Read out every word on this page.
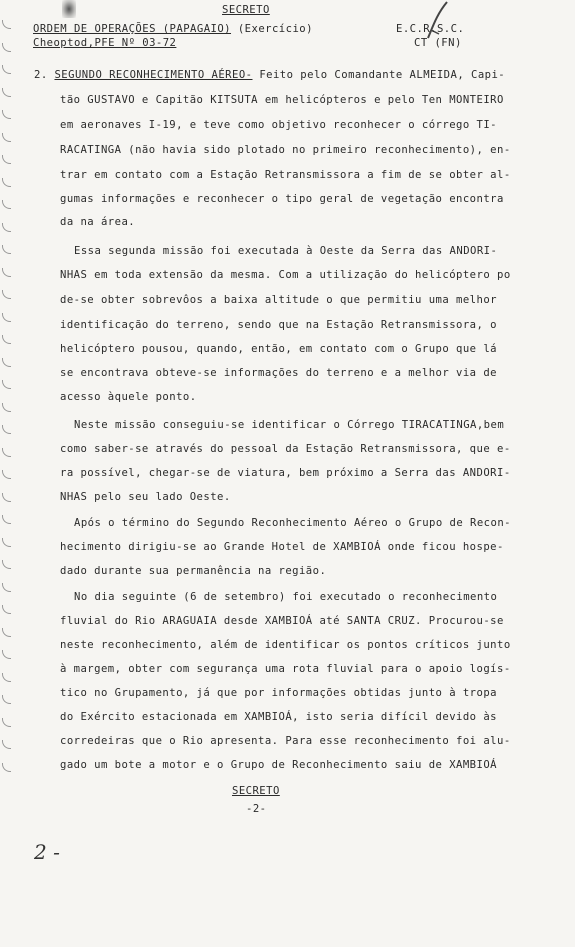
SECRETO
ORDEM DE OPERAÇÕES (PAPAGAIO) (Exercício)
Cheoptod,PFE Nº 03-72
E.C.R.S.C.
CT (FN)
2. SEGUNDO RECONHECIMENTO AÉREO- Feito pelo Comandante ALMEIDA, Capi-
tão GUSTAVO e Capitão KITSUTA em helicópteros e pelo Ten MONTEIRO
em aeronaves I-19, e teve como objetivo reconhecer o córrego TI-
RACATINGA (não havia sido plotado no primeiro reconhecimento), en-
trar em contato com a Estação Retransmissora a fim de se obter al-
gumas informações e reconhecer o tipo geral de vegetação encontra
da na área.
Essa segunda missão foi executada à Oeste da Serra das ANDORI-
NHAS em toda extensão da mesma. Com a utilização do helicóptero po
de-se obter sobrevôos a baixa altitude o que permitiu uma melhor
identificação do terreno, sendo que na Estação Retransmissora, o
helicóptero pousou, quando, então, em contato com o Grupo que lá
se encontrava obteve-se informações do terreno e a melhor via de
acesso àquele ponto.
Neste missão conseguiu-se identificar o Córrego TIRACATINGA,bem
como saber-se através do pessoal da Estação Retransmissora, que e-
ra possível, chegar-se de viatura, bem próximo a Serra das ANDORI-
NHAS pelo seu lado Oeste.
Após o término do Segundo Reconhecimento Aéreo o Grupo de Recon-
hecimento dirigiu-se ao Grande Hotel de XAMBIOÁ onde ficou hospe-
dado durante sua permanência na região.
No dia seguinte (6 de setembro) foi executado o reconhecimento
fluvial do Rio ARAGUAIA desde XAMBIOÁ até SANTA CRUZ. Procurou-se
neste reconhecimento, além de identificar os pontos críticos junto
à margem, obter com segurança uma rota fluvial para o apoio logís-
tico no Grupamento, já que por informações obtidas junto à tropa
do Exército estacionada em XAMBIOÁ, isto seria difícil devido às
corredeiras que o Rio apresenta. Para esse reconhecimento foi alu-
gado um bote a motor e o Grupo de Reconhecimento saiu de XAMBIOÁ
SECRETO
-2-
2 -
